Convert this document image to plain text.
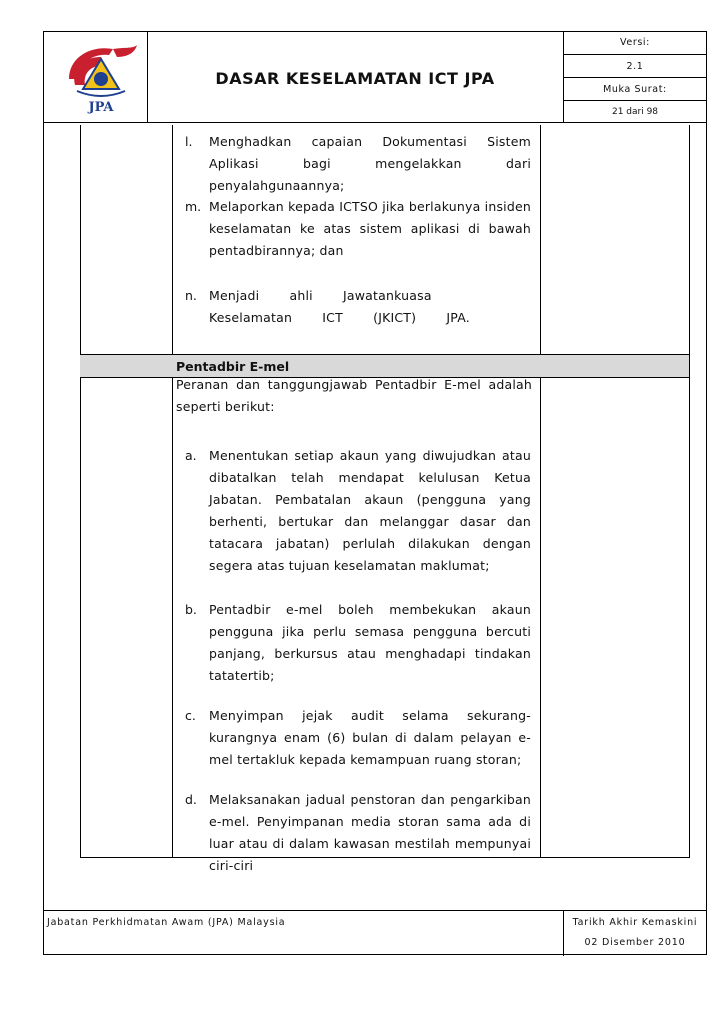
JPA
DASAR KESELAMATAN ICT JPA
Versi:
2.1
Muka Surat:
21 dari 98
l. Menghadkan capaian Dokumentasi Sistem Aplikasi bagi mengelakkan dari penyalahgunaannya;
m. Melaporkan kepada ICTSO jika berlakunya insiden keselamatan ke atas sistem aplikasi di bawah pentadbirannya; dan
n. Menjadi ahli Jawatankuasa Keselamatan ICT (JKICT) JPA.
Pentadbir E-mel
Peranan dan tanggungjawab Pentadbir E-mel adalah seperti berikut:
a. Menentukan setiap akaun yang diwujudkan atau dibatalkan telah mendapat kelulusan Ketua Jabatan. Pembatalan akaun (pengguna yang berhenti, bertukar dan melanggar dasar dan tatacara jabatan) perlulah dilakukan dengan segera atas tujuan keselamatan maklumat;
b. Pentadbir e-mel boleh membekukan akaun pengguna jika perlu semasa pengguna bercuti panjang, berkursus atau menghadapi tindakan tatatertib;
c. Menyimpan jejak audit selama sekurang-kurangnya enam (6) bulan di dalam pelayan e-mel tertakluk kepada kemampuan ruang storan;
d. Melaksanakan jadual penstoran dan pengarkiban e-mel. Penyimpanan media storan sama ada di luar atau di dalam kawasan mestilah mempunyai ciri-ciri
Jabatan Perkhidmatan Awam (JPA) Malaysia	Tarikh Akhir Kemaskini
02 Disember 2010
